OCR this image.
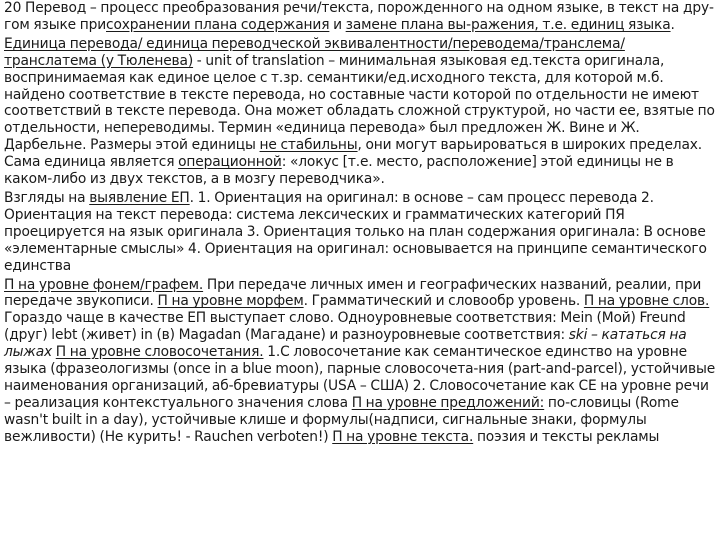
20 Перевод – процесс преобразования речи/текста, порожденного на одном языке, в текст на дру-гом языке присохранении плана содержания и замене плана вы-ражения, т.е. единиц языка.

Единица перевода/ единица переводческой эквивалентности/переводема/транслема/транслатема (у Тюленева) - unit of translation – минимальная языковая ед.текста оригинала, воспринимаемая как единое целое с т.зр. семантики/ед.исходного текста, для которой м.б. найдено соответствие в тексте перевода, но составные части которой по отдельности не имеют соответствий в тексте перевода. Она может обладать сложной структурой, но части ее, взятые по отдельности, непереводимы. Термин «единица перевода» был предложен Ж. Вине и Ж. Дарбельне. Размеры этой единицы не стабильны, они могут варьироваться в широких пределах. Сама единица является операционной: «локус [т.е. место, расположение] этой единицы не в каком-либо из двух текстов, а в мозгу переводчика».

Взгляды на выявление ЕП. 1. Ориентация на оригинал: в основе – сам процесс перевода 2. Ориентация на текст перевода: система лексических и грамматических категорий ПЯ проецируется на язык оригинала 3. Ориентация только на план содержания оригинала: В основе «элементарные смыслы» 4. Ориентация на оригинал: основывается на принципе семантического единства

П на уровне фонем/графем. При передаче личных имен и географических названий, реалии, при передаче звукописи. П на уровне морфем. Грамматический и словообр уровень. П на уровне слов. Гораздо чаще в качестве ЕП выступает слово. Одноуровневые соответствия: Mein (Мой) Freund (друг) lebt (живет) in (в) Magadan (Магадане) и разноуровневые соответствия: ski – кататься на лыжах П на уровне словосочетания. 1.С ловосочетание как семантическое единство на уровне языка (фразеологизмы (once in a blue moon), парные словосочета-ния (part-and-parcel), устойчивые наименования организаций, аб-бревиатуры (USA – США) 2. Словосочетание как СЕ на уровне речи – реализация контекстуального значения слова П на уровне предложений: по-словицы (Rome wasn't built in a day), устойчивые клише и формулы(надписи, сигнальные знаки, формулы вежливости) (Не курить! - Rauchen verboten!) П на уровне текста. поэзия и тексты рекламы
